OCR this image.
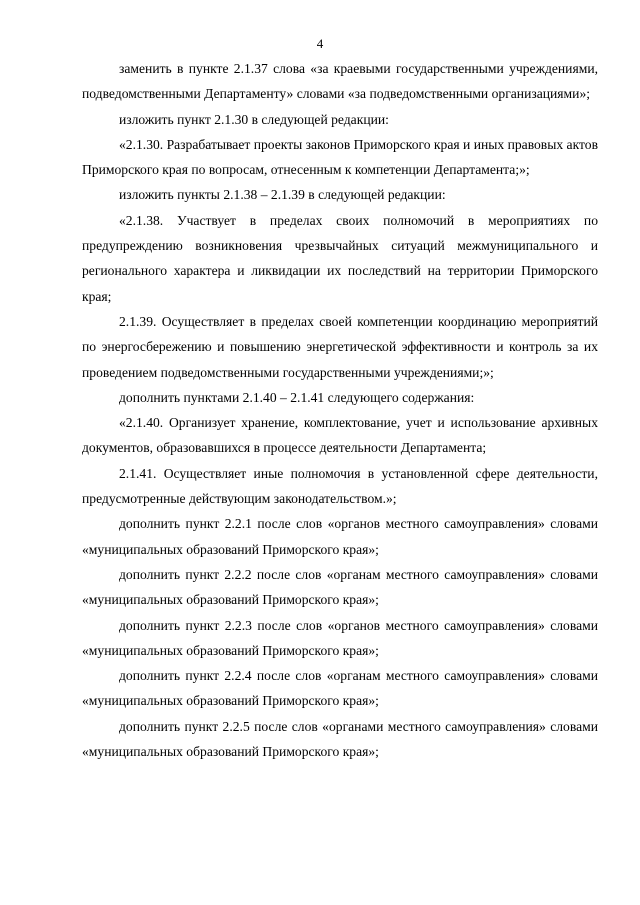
4

заменить в пункте 2.1.37 слова «за краевыми государственными учреждениями, подведомственными Департаменту» словами «за подведомственными организациями»;

изложить пункт 2.1.30 в следующей редакции:

«2.1.30. Разрабатывает проекты законов Приморского края и иных правовых актов Приморского края по вопросам, отнесенным к компетенции Департамента;»;

изложить пункты 2.1.38 – 2.1.39 в следующей редакции:

«2.1.38. Участвует в пределах своих полномочий в мероприятиях по предупреждению возникновения чрезвычайных ситуаций межмуниципального и регионального характера и ликвидации их последствий на территории Приморского края;

2.1.39. Осуществляет в пределах своей компетенции координацию мероприятий по энергосбережению и повышению энергетической эффективности и контроль за их проведением подведомственными государственными учреждениями;»;

дополнить пунктами 2.1.40 – 2.1.41 следующего содержания:

«2.1.40. Организует хранение, комплектование, учет и использование архивных документов, образовавшихся в процессе деятельности Департамента;

2.1.41. Осуществляет иные полномочия в установленной сфере деятельности, предусмотренные действующим законодательством.»;

дополнить пункт 2.2.1 после слов «органов местного самоуправления» словами «муниципальных образований Приморского края»;

дополнить пункт 2.2.2 после слов «органам местного самоуправления» словами «муниципальных образований Приморского края»;

дополнить пункт 2.2.3 после слов «органов местного самоуправления» словами «муниципальных образований Приморского края»;

дополнить пункт 2.2.4 после слов «органам местного самоуправления» словами «муниципальных образований Приморского края»;

дополнить пункт 2.2.5 после слов «органами местного самоуправления» словами «муниципальных образований Приморского края»;
